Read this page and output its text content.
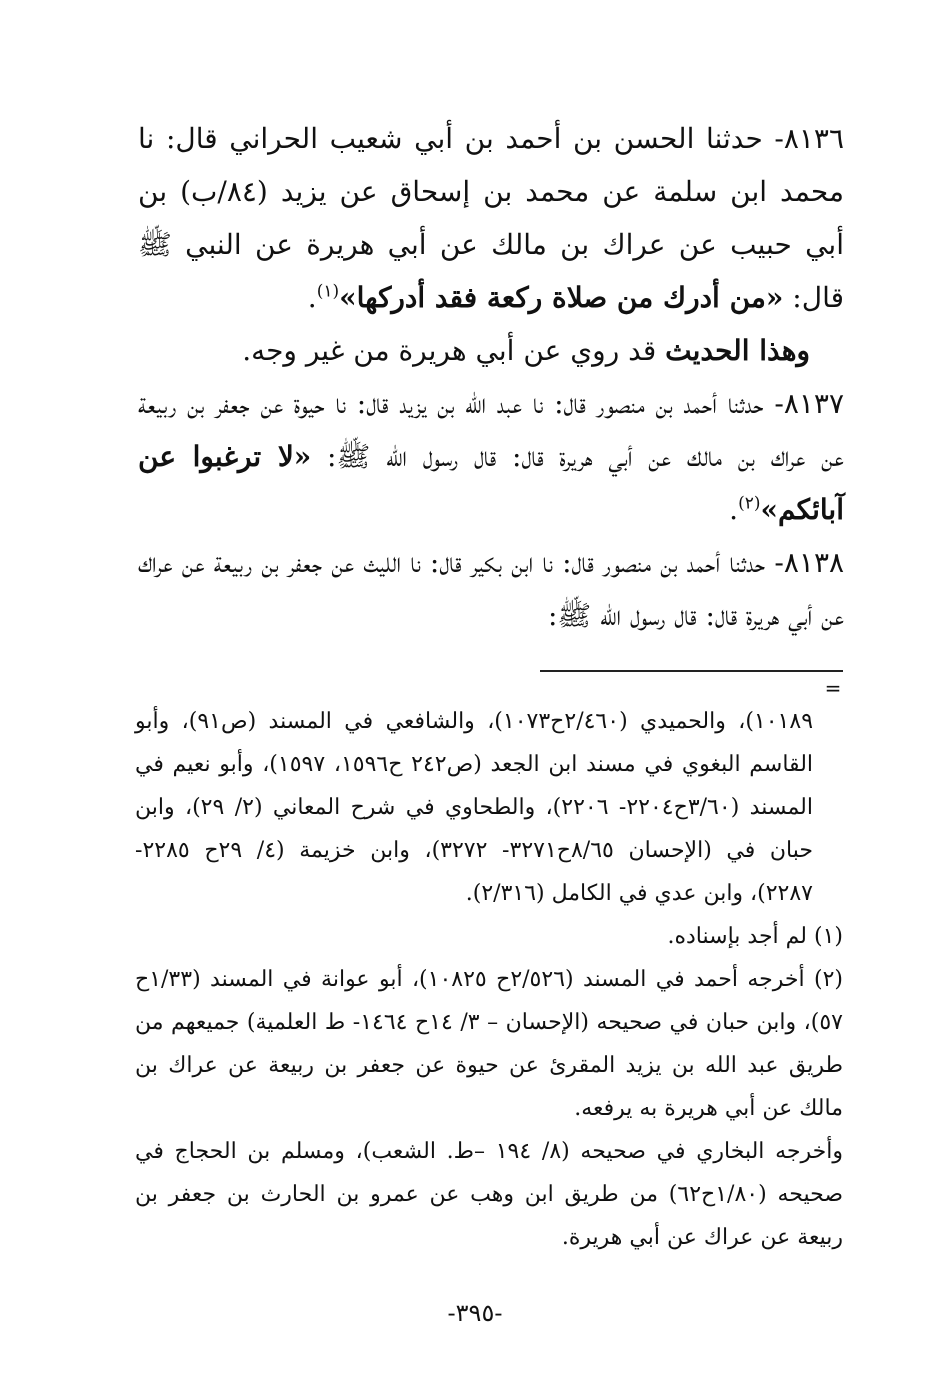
٨١٣٦- حدثنا الحسن بن أحمد بن أبي شعيب الحراني قال: نا محمد ابن سلمة عن محمد بن إسحاق عن يزيد (٨٤/ب) بن أبي حبيب عن عراك بن مالك عن أبي هريرة عن النبي ﷺ قال: «من أدرك من صلاة ركعة فقد أدركها»$^{(١)}$.

وهذا الحديث قد روي عن أبي هريرة من غير وجه.

٨١٣٧- حدثنا أحمد بن منصور قال: نا عبد الله بن يزيد قال: نا حيوة عن جعفر بن ربيعة عن عراك بن مالك عن أبي هريرة قال: قال رسول الله ﷺ: «لا ترغبوا عن آبائكم»$^{(٢)}$.

٨١٣٨- حدثنا أحمد بن منصور قال: نا ابن بكير قال: نا الليث عن جعفر بن ربيعة عن عراك عن أبي هريرة قال: قال رسول الله ﷺ:

=

١٠١٨٩)، والحميدي (٢/٤٦٠ح١٠٧٣)، والشافعي في المسند (ص٩١)، وأبو القاسم البغوي في مسند ابن الجعد (ص٢٤٢ ح١٥٩٦، ١٥٩٧)، وأبو نعيم في المسند (٣/٦٠ح٢٢٠٤- ٢٢٠٦)، والطحاوي في شرح المعاني (٢/ ٢٩)، وابن حبان في (الإحسان ٨/٦٥ح٣٢٧١- ٣٢٧٢)، وابن خزيمة (٤/ ٢٩ح ٢٢٨٥- ٢٢٨٧)، وابن عدي في الكامل (٢/٣١٦).

(١) لم أجد بإسناده.

(٢) أخرجه أحمد في المسند (٢/٥٢٦ح ١٠٨٢٥)، أبو عوانة في المسند (١/٣٣ح ٥٧)، وابن حبان في صحيحه (الإحسان – ٣/ ١٤ح ١٤٦٤- ط العلمية) جميعهم من طريق عبد الله بن يزيد المقرئ عن حيوة عن جعفر بن ربيعة عن عراك بن مالك عن أبي هريرة به يرفعه.

وأخرجه البخاري في صحيحه (٨/ ١٩٤ –ط. الشعب)، ومسلم بن الحجاج في صحيحه (١/٨٠ح٦٢) من طريق ابن وهب عن عمرو بن الحارث بن جعفر بن ربيعة عن عراك عن أبي هريرة.

-٣٩٥-
